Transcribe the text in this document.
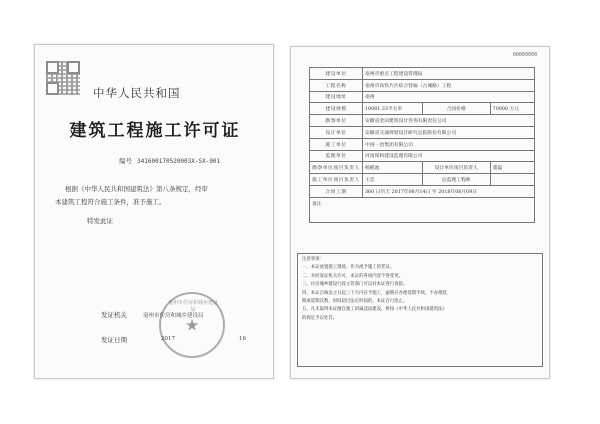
中华人民共和国
建筑工程施工许可证
编号 341600170520003X-SX-001

根据《中华人民共和国建筑法》第八条规定，经审

本建筑工程符合施工条件，准予施工。

特发此证

亳州市住房和城乡建设局
★
发证机关	亳州市住房和城乡建设局
发证日期	2017	16
00000000
建设单位	亳州市重点工程建设管理局		
工程名称	亳州市高铁片区综合管廊（古城路）工程		
建设地址	亳州		
建设规模	10081.33平方米	合同价格	70000 万元
勘察单位	安徽省金田建筑设计咨询有限责任公司		
设计单位	安徽省交通规划设计研究总院股份有限公司		
施工单位	中国一冶集团有限公司		
监理单位	河南保和建设监理有限公司		
勘察单位项目负责人	杨鹤池	设计单位项目负责人	董磊
施工单位项目负责人	王忠	总监理工程师	
合同工期	360 日历天 2017年08月14日 至 2018年08月09日		
备注			
注意事项：
一、本证放置施工现场，作为准予施工的凭证。
二、未经发证机关许可，本证的各项内容不得变更。
三、住房城乡建设行政主管部门可以对本证进行查验。
四、本证自核发之日起三个月内应予施工，逾期应办理延期手续，不办理延
期或延期次数、时间超过法定时间的，本证自行废止。
五、凡未取得本证擅自施工的属违法建设，将按《中华人民共和国建筑法》
的规定予以处罚。
